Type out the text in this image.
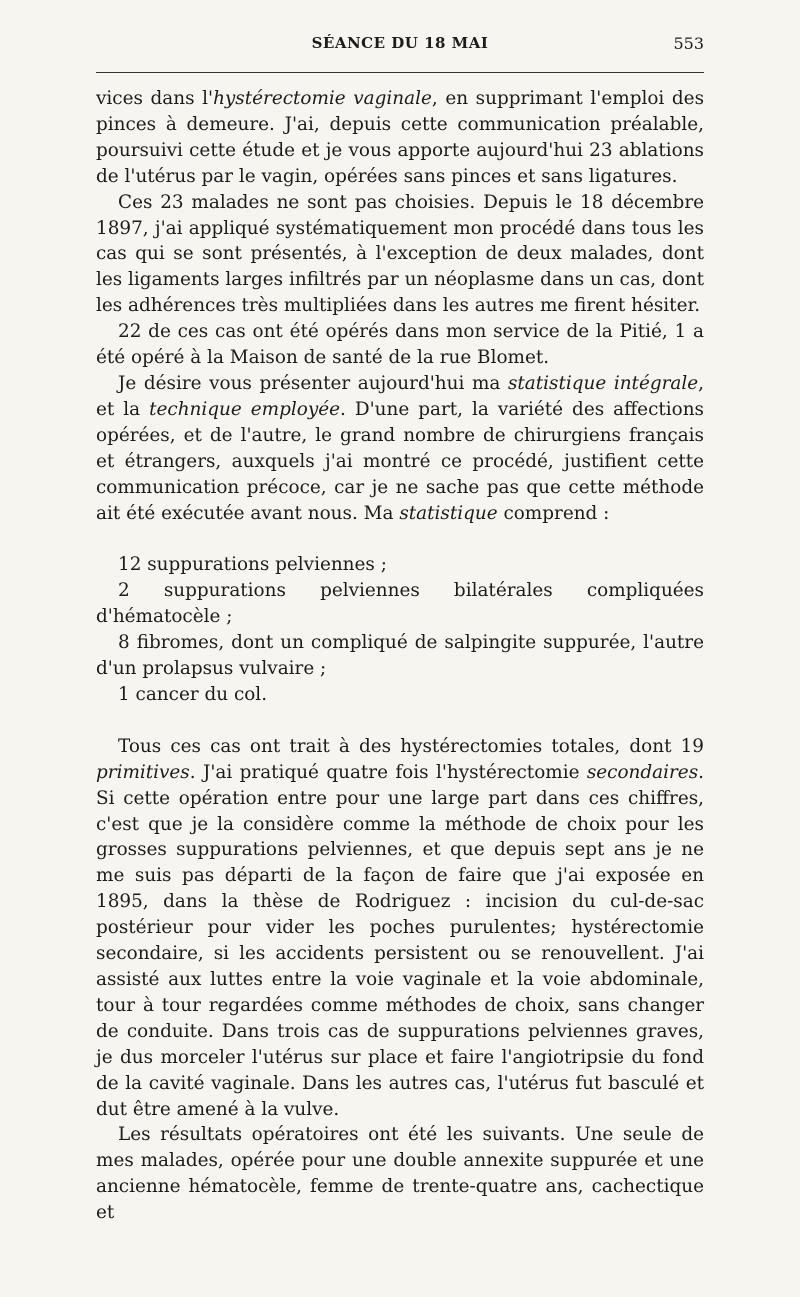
SÉANCE DU 18 MAI	553

vices dans l'hystérectomie vaginale, en supprimant l'emploi des pinces à demeure. J'ai, depuis cette communication préalable, poursuivi cette étude et je vous apporte aujourd'hui 23 ablations de l'utérus par le vagin, opérées sans pinces et sans ligatures.

Ces 23 malades ne sont pas choisies. Depuis le 18 décembre 1897, j'ai appliqué systématiquement mon procédé dans tous les cas qui se sont présentés, à l'exception de deux malades, dont les ligaments larges infiltrés par un néoplasme dans un cas, dont les adhérences très multipliées dans les autres me firent hésiter.

22 de ces cas ont été opérés dans mon service de la Pitié, 1 a été opéré à la Maison de santé de la rue Blomet.

Je désire vous présenter aujourd'hui ma statistique intégrale, et la technique employée. D'une part, la variété des affections opérées, et de l'autre, le grand nombre de chirurgiens français et étrangers, auxquels j'ai montré ce procédé, justifient cette communication précoce, car je ne sache pas que cette méthode ait été exécutée avant nous. Ma statistique comprend :

12 suppurations pelviennes ;

2 suppurations pelviennes bilatérales compliquées d'hématocèle ;

8 fibromes, dont un compliqué de salpingite suppurée, l'autre d'un prolapsus vulvaire ;

1 cancer du col.

Tous ces cas ont trait à des hystérectomies totales, dont 19 primitives. J'ai pratiqué quatre fois l'hystérectomie secondaires. Si cette opération entre pour une large part dans ces chiffres, c'est que je la considère comme la méthode de choix pour les grosses suppurations pelviennes, et que depuis sept ans je ne me suis pas départi de la façon de faire que j'ai exposée en 1895, dans la thèse de Rodriguez : incision du cul-de-sac postérieur pour vider les poches purulentes; hystérectomie secondaire, si les accidents persistent ou se renouvellent. J'ai assisté aux luttes entre la voie vaginale et la voie abdominale, tour à tour regardées comme méthodes de choix, sans changer de conduite. Dans trois cas de suppurations pelviennes graves, je dus morceler l'utérus sur place et faire l'angiotripsie du fond de la cavité vaginale. Dans les autres cas, l'utérus fut basculé et dut être amené à la vulve.

Les résultats opératoires ont été les suivants. Une seule de mes malades, opérée pour une double annexite suppurée et une ancienne hématocèle, femme de trente-quatre ans, cachectique et
